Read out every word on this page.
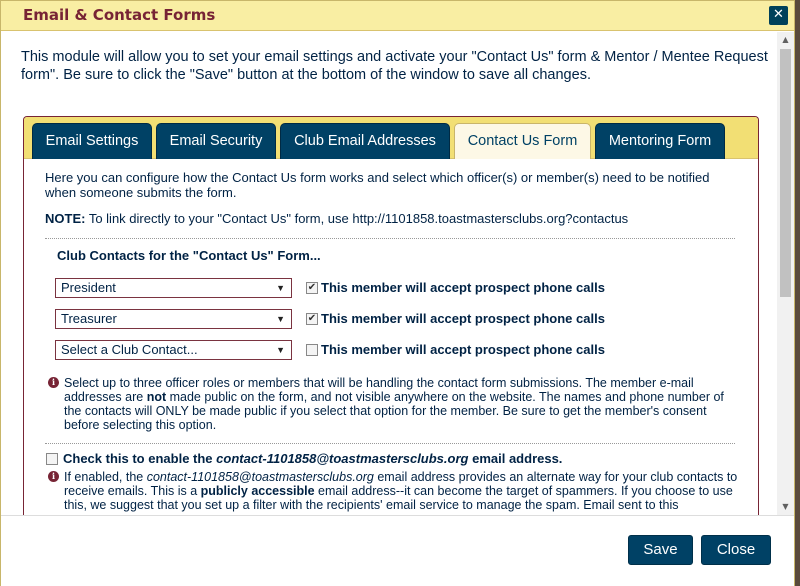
Email & Contact Forms	✕
This module will allow you to set your email settings and activate your "Contact Us" form & Mentor / Mentee Request form". Be sure to click the "Save" button at the bottom of the window to save all changes.
Email Settings	Email Security	Club Email Addresses	Contact Us Form	Mentoring Form
Here you can configure how the Contact Us form works and select which officer(s) or member(s) need to be notified when someone submits the form.
NOTE: To link directly to your "Contact Us" form, use http://1101858.toastmastersclubs.org?contactus
Club Contacts for the "Contact Us" Form...
President	▼ ✔ This member will accept prospect phone calls
Treasurer	▼ ✔ This member will accept prospect phone calls
Select a Club Contact...	▼	This member will accept prospect phone calls
i Select up to three officer roles or members that will be handling the contact form submissions. The member e-mail addresses are not made public on the form, and not visible anywhere on the website. The names and phone number of the contacts will ONLY be made public if you select that option for the member. Be sure to get the member's consent before selecting this option.
Check this to enable the contact-1101858@toastmastersclubs.org email address.
i If enabled, the contact-1101858@toastmastersclubs.org email address provides an alternate way for your club contacts to receive emails. This is a publicly accessible email address--it can become the target of spammers. If you choose to use this, we suggest that you set up a filter with the recipients' email service to manage the spam. Email sent to this
▲
▼
Save	Close
